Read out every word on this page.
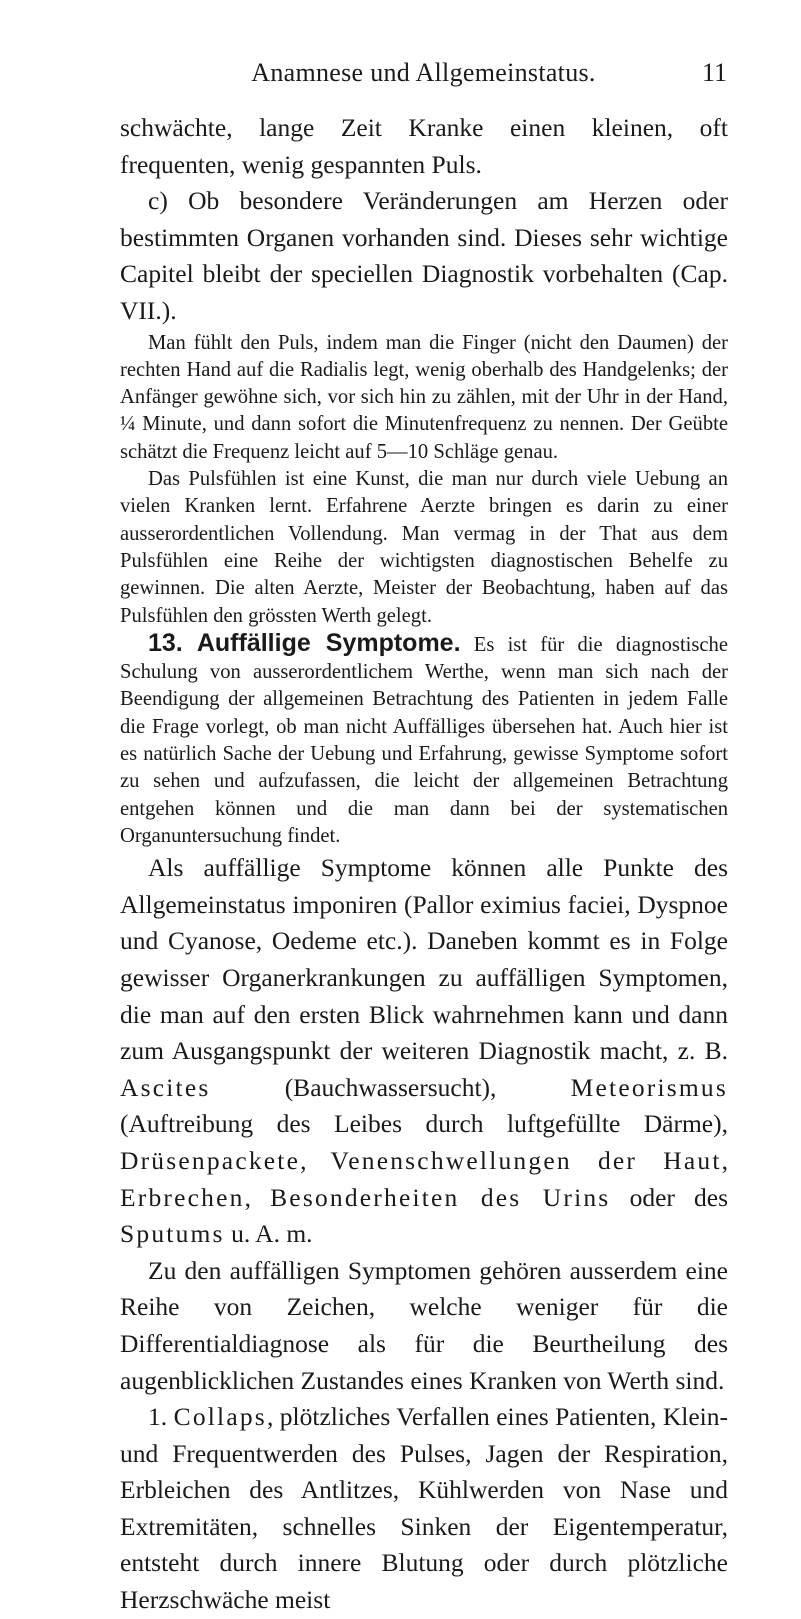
Anamnese und Allgemeinstatus.	11

schwächte, lange Zeit Kranke einen kleinen, oft frequenten, wenig gespannten Puls.

c) Ob besondere Veränderungen am Herzen oder bestimmten Organen vorhanden sind. Dieses sehr wichtige Capitel bleibt der speciellen Diagnostik vorbehalten (Cap. VII.).

Man fühlt den Puls, indem man die Finger (nicht den Daumen) der rechten Hand auf die Radialis legt, wenig oberhalb des Handgelenks; der Anfänger gewöhne sich, vor sich hin zu zählen, mit der Uhr in der Hand, ¼ Minute, und dann sofort die Minutenfrequenz zu nennen. Der Geübte schätzt die Frequenz leicht auf 5—10 Schläge genau.

Das Pulsfühlen ist eine Kunst, die man nur durch viele Uebung an vielen Kranken lernt. Erfahrene Aerzte bringen es darin zu einer ausserordentlichen Vollendung. Man vermag in der That aus dem Pulsfühlen eine Reihe der wichtigsten diagnostischen Behelfe zu gewinnen. Die alten Aerzte, Meister der Beobachtung, haben auf das Pulsfühlen den grössten Werth gelegt.

13. Auffällige Symptome. Es ist für die diagnostische Schulung von ausserordentlichem Werthe, wenn man sich nach der Beendigung der allgemeinen Betrachtung des Patienten in jedem Falle die Frage vorlegt, ob man nicht Auffälliges übersehen hat. Auch hier ist es natürlich Sache der Uebung und Erfahrung, gewisse Symptome sofort zu sehen und aufzufassen, die leicht der allgemeinen Betrachtung entgehen können und die man dann bei der systematischen Organuntersuchung findet.

Als auffällige Symptome können alle Punkte des Allgemeinstatus imponiren (Pallor eximius faciei, Dyspnoe und Cyanose, Oedeme etc.). Daneben kommt es in Folge gewisser Organerkrankungen zu auffälligen Symptomen, die man auf den ersten Blick wahrnehmen kann und dann zum Ausgangspunkt der weiteren Diagnostik macht, z. B. Ascites (Bauchwassersucht), Meteorismus (Auftreibung des Leibes durch luftgefüllte Därme), Drüsenpackete, Venenschwellungen der Haut, Erbrechen, Besonderheiten des Urins oder des Sputums u. A. m.

Zu den auffälligen Symptomen gehören ausserdem eine Reihe von Zeichen, welche weniger für die Differentialdiagnose als für die Beurtheilung des augenblicklichen Zustandes eines Kranken von Werth sind.

1. Collaps, plötzliches Verfallen eines Patienten, Klein- und Frequentwerden des Pulses, Jagen der Respiration, Erbleichen des Antlitzes, Kühlwerden von Nase und Extremitäten, schnelles Sinken der Eigentemperatur, entsteht durch innere Blutung oder durch plötzliche Herzschwäche meist
